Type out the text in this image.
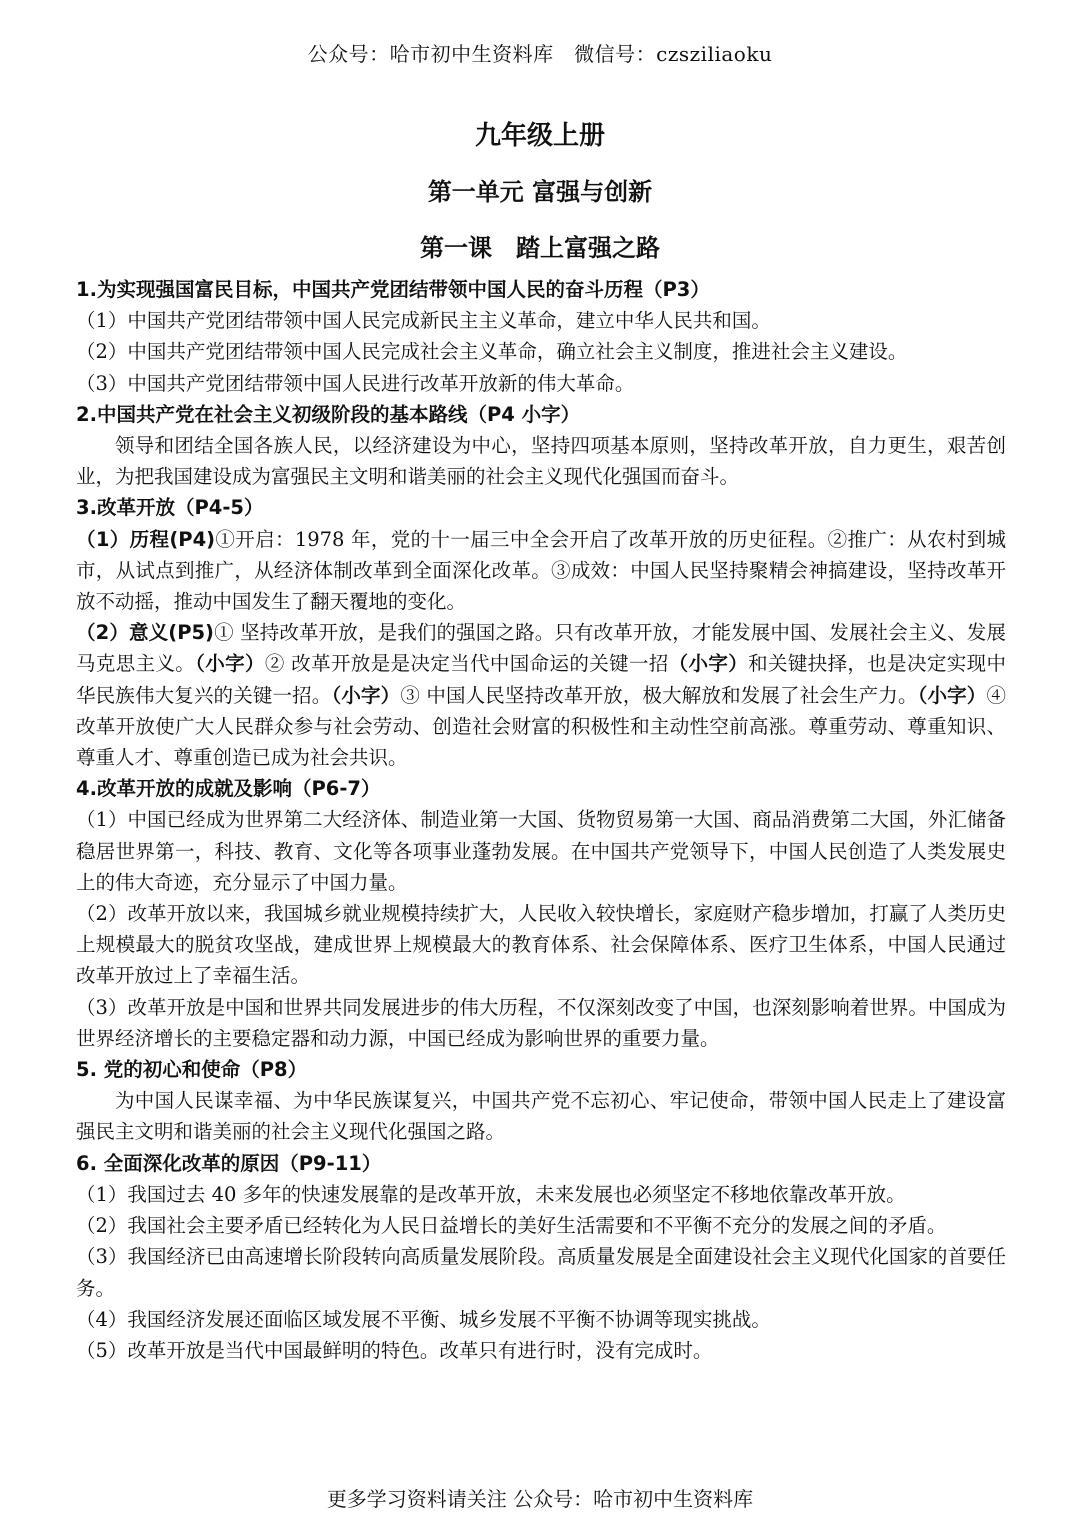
公众号：哈市初中生资料库　微信号：czsziliaoku
九年级上册
第一单元 富强与创新
第一课　踏上富强之路

1.为实现强国富民目标，中国共产党团结带领中国人民的奋斗历程（P3）

（1）中国共产党团结带领中国人民完成新民主主义革命，建立中华人民共和国。

（2）中国共产党团结带领中国人民完成社会主义革命，确立社会主义制度，推进社会主义建设。

（3）中国共产党团结带领中国人民进行改革开放新的伟大革命。

2.中国共产党在社会主义初级阶段的基本路线（P4 小字）

领导和团结全国各族人民，以经济建设为中心，坚持四项基本原则，坚持改革开放，自力更生，艰苦创业，为把我国建设成为富强民主文明和谐美丽的社会主义现代化强国而奋斗。

3.改革开放（P4-5）

（1）历程(P4)①开启：1978 年，党的十一届三中全会开启了改革开放的历史征程。②推广：从农村到城市，从试点到推广，从经济体制改革到全面深化改革。③成效：中国人民坚持聚精会神搞建设，坚持改革开放不动摇，推动中国发生了翻天覆地的变化。

（2）意义(P5)① 坚持改革开放，是我们的强国之路。只有改革开放，才能发展中国、发展社会主义、发展马克思主义。（小字）② 改革开放是是决定当代中国命运的关键一招（小字）和关键抉择，也是决定实现中华民族伟大复兴的关键一招。（小字）③ 中国人民坚持改革开放，极大解放和发展了社会生产力。（小字）④ 改革开放使广大人民群众参与社会劳动、创造社会财富的积极性和主动性空前高涨。尊重劳动、尊重知识、尊重人才、尊重创造已成为社会共识。

4.改革开放的成就及影响（P6-7）

（1）中国已经成为世界第二大经济体、制造业第一大国、货物贸易第一大国、商品消费第二大国，外汇储备稳居世界第一，科技、教育、文化等各项事业蓬勃发展。在中国共产党领导下，中国人民创造了人类发展史上的伟大奇迹，充分显示了中国力量。

（2）改革开放以来，我国城乡就业规模持续扩大，人民收入较快增长，家庭财产稳步增加，打赢了人类历史上规模最大的脱贫攻坚战，建成世界上规模最大的教育体系、社会保障体系、医疗卫生体系，中国人民通过改革开放过上了幸福生活。

（3）改革开放是中国和世界共同发展进步的伟大历程，不仅深刻改变了中国，也深刻影响着世界。中国成为世界经济增长的主要稳定器和动力源，中国已经成为影响世界的重要力量。

5. 党的初心和使命（P8）

为中国人民谋幸福、为中华民族谋复兴，中国共产党不忘初心、牢记使命，带领中国人民走上了建设富强民主文明和谐美丽的社会主义现代化强国之路。

6. 全面深化改革的原因（P9-11）

（1）我国过去 40 多年的快速发展靠的是改革开放，未来发展也必须坚定不移地依靠改革开放。

（2）我国社会主要矛盾已经转化为人民日益增长的美好生活需要和不平衡不充分的发展之间的矛盾。

（3）我国经济已由高速增长阶段转向高质量发展阶段。高质量发展是全面建设社会主义现代化国家的首要任务。

（4）我国经济发展还面临区域发展不平衡、城乡发展不平衡不协调等现实挑战。

（5）改革开放是当代中国最鲜明的特色。改革只有进行时，没有完成时。

更多学习资料请关注 公众号：哈市初中生资料库
